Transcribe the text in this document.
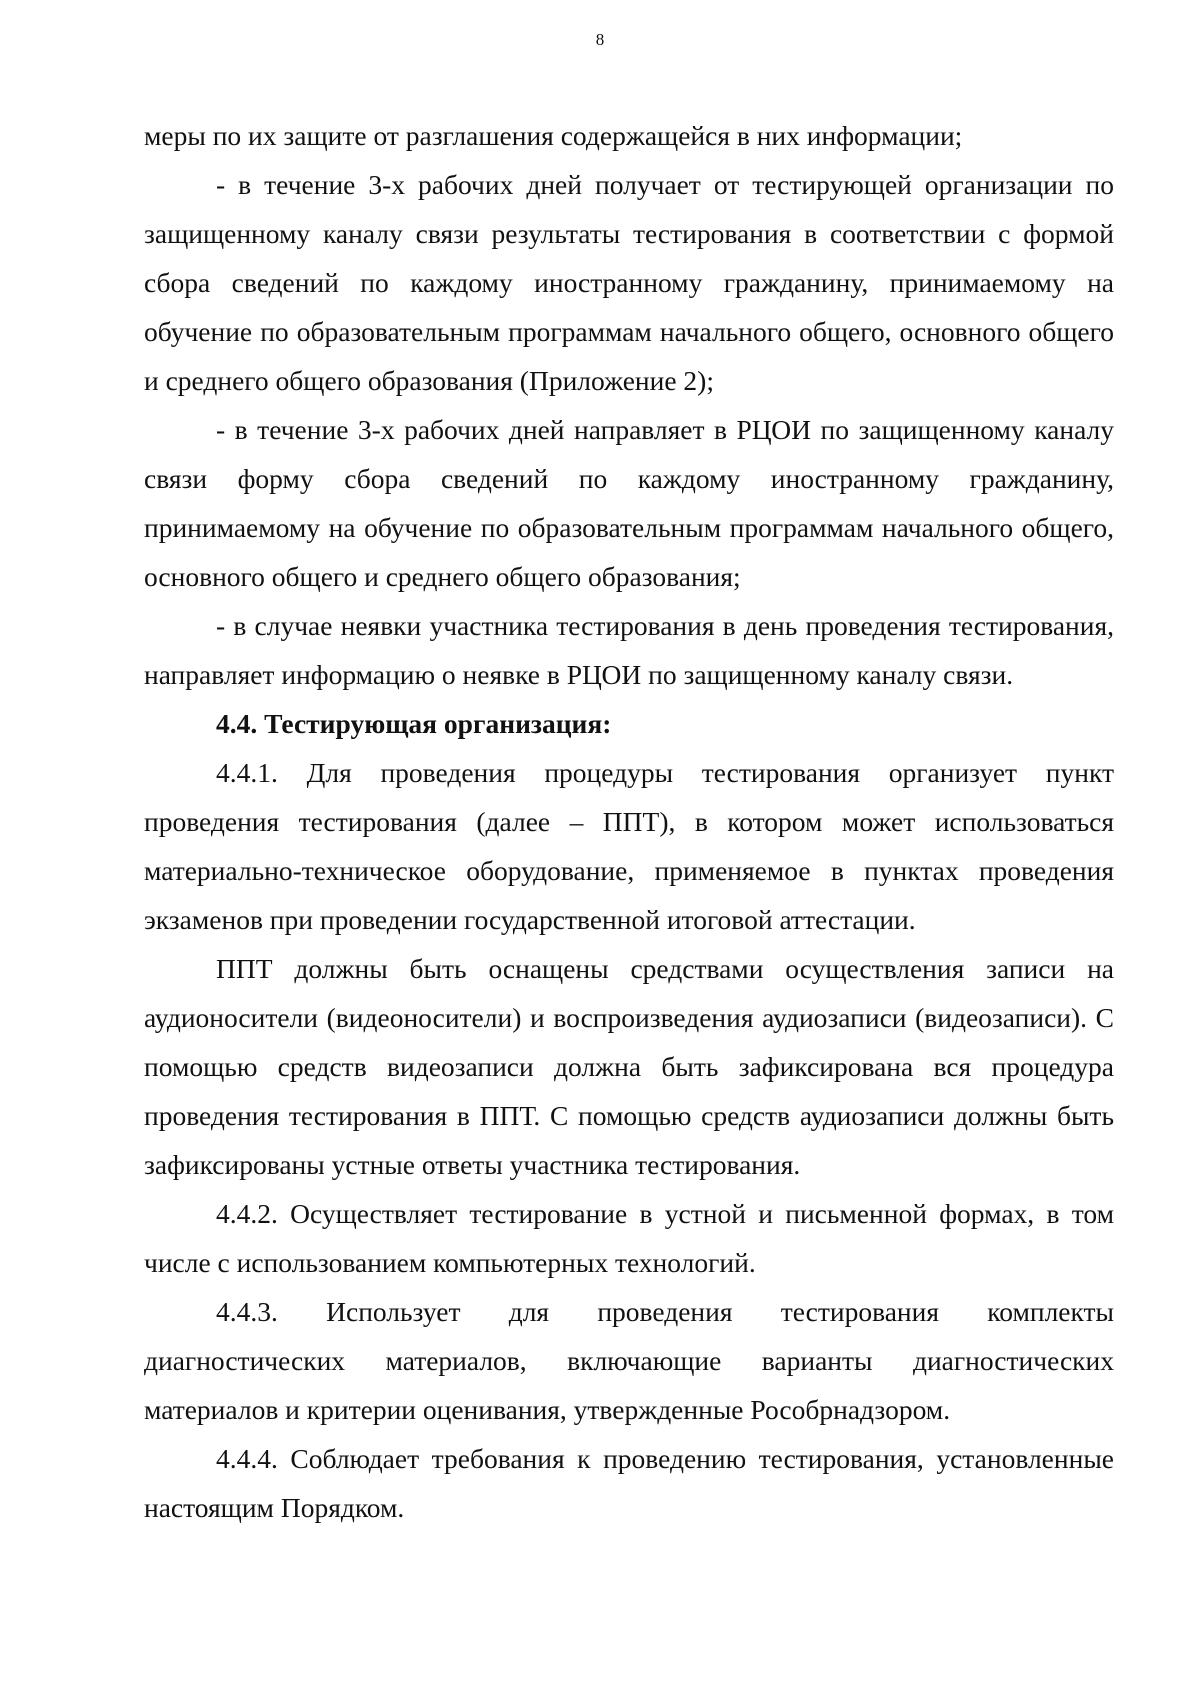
8

меры по их защите от разглашения содержащейся в них информации;

- в течение 3-х рабочих дней получает от тестирующей организации по защищенному каналу связи результаты тестирования в соответствии с формой сбора сведений по каждому иностранному гражданину, принимаемому на обучение по образовательным программам начального общего, основного общего и среднего общего образования (Приложение 2);

- в течение 3-х рабочих дней направляет в РЦОИ по защищенному каналу связи форму сбора сведений по каждому иностранному гражданину, принимаемому на обучение по образовательным программам начального общего, основного общего и среднего общего образования;

- в случае неявки участника тестирования в день проведения тестирования, направляет информацию о неявке в РЦОИ по защищенному каналу связи.

4.4. Тестирующая организация:

4.4.1. Для проведения процедуры тестирования организует пункт проведения тестирования (далее – ППТ), в котором может использоваться материально-техническое оборудование, применяемое в пунктах проведения экзаменов при проведении государственной итоговой аттестации.

ППТ должны быть оснащены средствами осуществления записи на аудионосители (видеоносители) и воспроизведения аудиозаписи (видеозаписи). С помощью средств видеозаписи должна быть зафиксирована вся процедура проведения тестирования в ППТ. С помощью средств аудиозаписи должны быть зафиксированы устные ответы участника тестирования.

4.4.2. Осуществляет тестирование в устной и письменной формах, в том числе с использованием компьютерных технологий.

4.4.3. Использует для проведения тестирования комплекты диагностических материалов, включающие варианты диагностических материалов и критерии оценивания, утвержденные Рособрнадзором.

4.4.4. Соблюдает требования к проведению тестирования, установленные настоящим Порядком.
